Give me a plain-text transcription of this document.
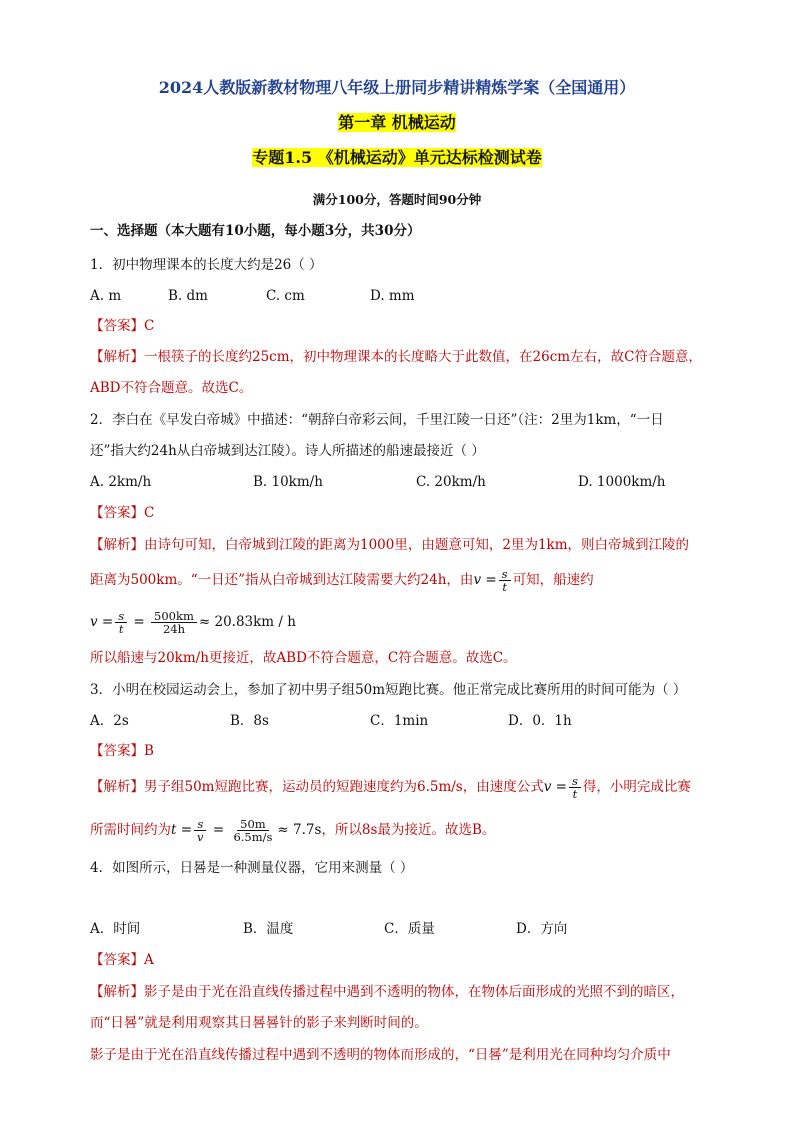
2024人教版新教材物理八年级上册同步精讲精炼学案（全国通用）
第一章 机械运动
专题1.5 《机械运动》单元达标检测试卷
满分100分，答题时间90分钟
一、选择题（本大题有10小题，每小题3分，共30分）
1．初中物理课本的长度大约是26（ ）
A. m	B. dm	C. cm	D. mm
【答案】C
【解析】一根筷子的长度约25cm，初中物理课本的长度略大于此数值，在26cm左右，故C符合题意，
ABD不符合题意。故选C。
2．李白在《早发白帝城》中描述：“朝辞白帝彩云间，千里江陵一日还”（注：2里为1km，“一日
还”指大约24h从白帝城到达江陵）。诗人所描述的船速最接近（ ）
A. 2km/h	B. 10km/h	C. 20km/h	D. 1000km/h
【答案】C
【解析】由诗句可知，白帝城到江陵的距离为1000里，由题意可知，2里为1km，则白帝城到江陵的
距离为500km。“一日还”指从白帝城到达江陵需要大约24h，由$v = \frac{s}{t}$ 可知，船速约
$v = \frac{s}{t} = \frac{500km}{24h} \approx 20.83km / h$
所以船速与20km/h更接近，故ABD不符合题意，C符合题意。故选C。
3．小明在校园运动会上，参加了初中男子组50m短跑比赛。他正常完成比赛所用的时间可能为（ ）
A．2s	B．8s	C．1min	D．0．1h
【答案】B
【解析】男子组50m短跑比赛，运动员的短跑速度约为6.5m/s，由速度公式$v = \frac{s}{t}$ 得，小明完成比赛
所需时间约为$t = \frac{s}{v} = \frac{50m}{6.5m/s} \approx 7.7s$，所以8s最为接近。故选B。
4．如图所示，日晷是一种测量仪器，它用来测量（ ）
A．时间	B．温度	C．质量	D．方向
【答案】A
【解析】影子是由于光在沿直线传播过程中遇到不透明的物体，在物体后面形成的光照不到的暗区，
而“日晷”就是利用观察其日晷晷针的影子来判断时间的。
影子是由于光在沿直线传播过程中遇到不透明的物体而形成的，“日晷”是利用光在同种均匀介质中
